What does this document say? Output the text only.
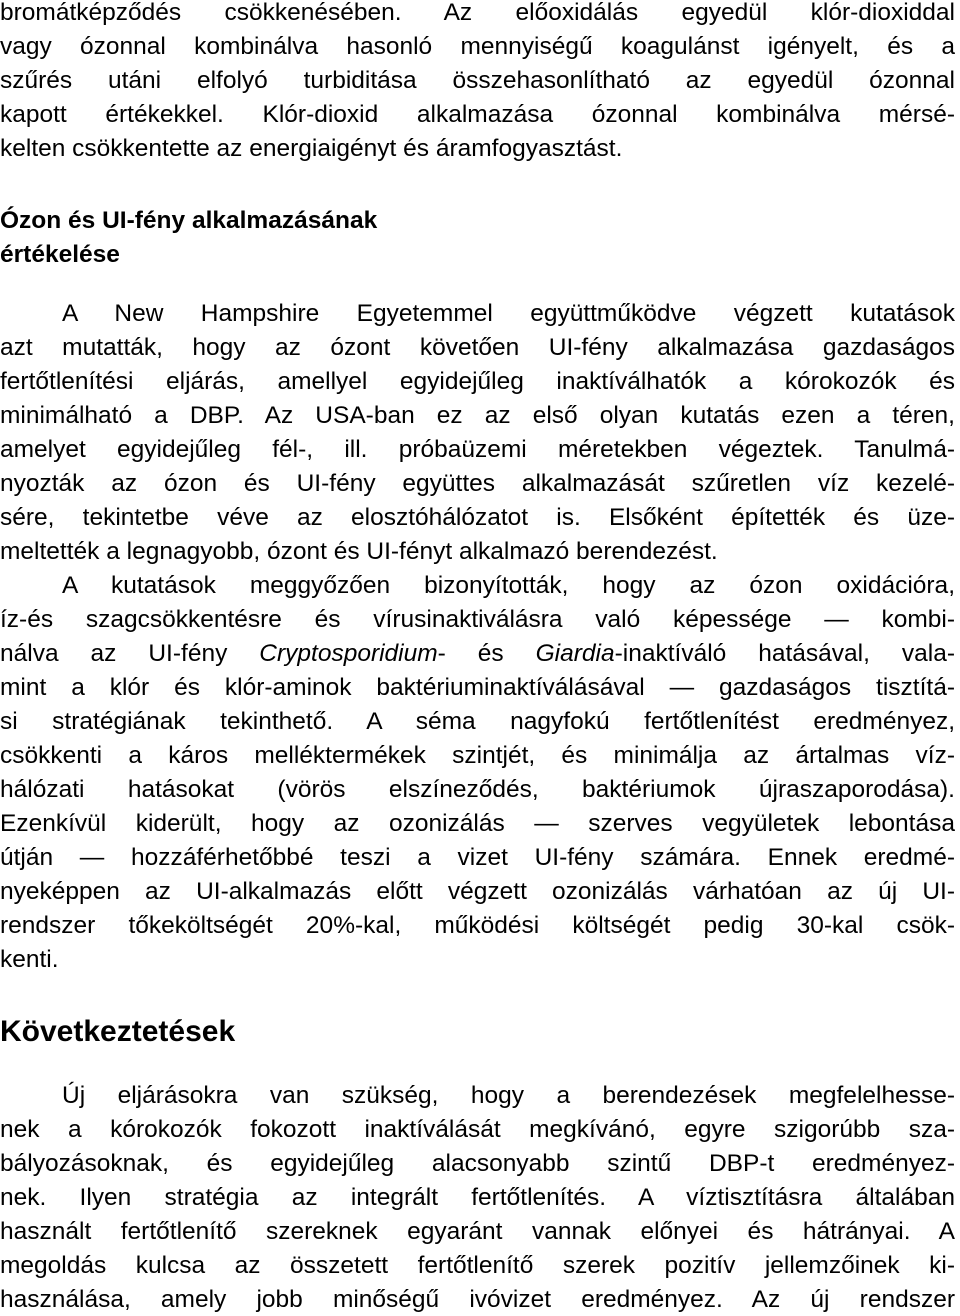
bromátképződés csökkenésében. Az előoxidálás egyedül klór-dioxiddal
vagy ózonnal kombinálva hasonló mennyiségű koagulánst igényelt, és a
szűrés utáni elfolyó turbiditása összehasonlítható az egyedül ózonnal
kapott értékekkel. Klór-dioxid alkalmazása ózonnal kombinálva mérsé-
kelten csökkentette az energiaigényt és áramfogyasztást.
Ózon és UI-fény alkalmazásának
értékelése
A New Hampshire Egyetemmel együttműködve végzett kutatások
azt mutatták, hogy az ózont követően UI-fény alkalmazása gazdaságos
fertőtlenítési eljárás, amellyel egyidejűleg inaktíválhatók a kórokozók és
minimálható a DBP. Az USA-ban ez az első olyan kutatás ezen a téren,
amelyet egyidejűleg fél-, ill. próbaüzemi méretekben végeztek. Tanulmá-
nyozták az ózon és UI-fény együttes alkalmazását szűretlen víz kezelé-
sére, tekintetbe véve az elosztóhálózatot is. Elsőként építették és üze-
meltették a legnagyobb, ózont és UI-fényt alkalmazó berendezést.
A kutatások meggyőzően bizonyították, hogy az ózon oxidációra,
íz-és szagcsökkentésre és vírusinaktiválásra való képessége — kombi-
nálva az UI-fény Cryptosporidium- és Giardia-inaktíváló hatásával, vala-
mint a klór és klór-aminok baktériuminaktíválásával — gazdaságos tisztítá-
si stratégiának tekinthető. A séma nagyfokú fertőtlenítést eredményez,
csökkenti a káros melléktermékek szintjét, és minimálja az ártalmas víz-
hálózati hatásokat (vörös elszíneződés, baktériumok újraszaporodása).
Ezenkívül kiderült, hogy az ozonizálás — szerves vegyületek lebontása
útján — hozzáférhetőbbé teszi a vizet UI-fény számára. Ennek eredmé-
nyeképpen az UI-alkalmazás előtt végzett ozonizálás várhatóan az új UI-
rendszer tőkeköltségét 20%-kal, működési költségét pedig 30-kal csök-
kenti.
Következtetések
Új eljárásokra van szükség, hogy a berendezések megfelelhesse-
nek a kórokozók fokozott inaktíválását megkívánó, egyre szigorúbb sza-
bályozásoknak, és egyidejűleg alacsonyabb szintű DBP-t eredményez-
nek. Ilyen stratégia az integrált fertőtlenítés. A víztisztításra általában
használt fertőtlenítő szereknek egyaránt vannak előnyei és hátrányai. A
megoldás kulcsa az összetett fertőtlenítő szerek pozitív jellemzőinek ki-
használása, amely jobb minőségű ivóvizet eredményez. Az új rendszer
